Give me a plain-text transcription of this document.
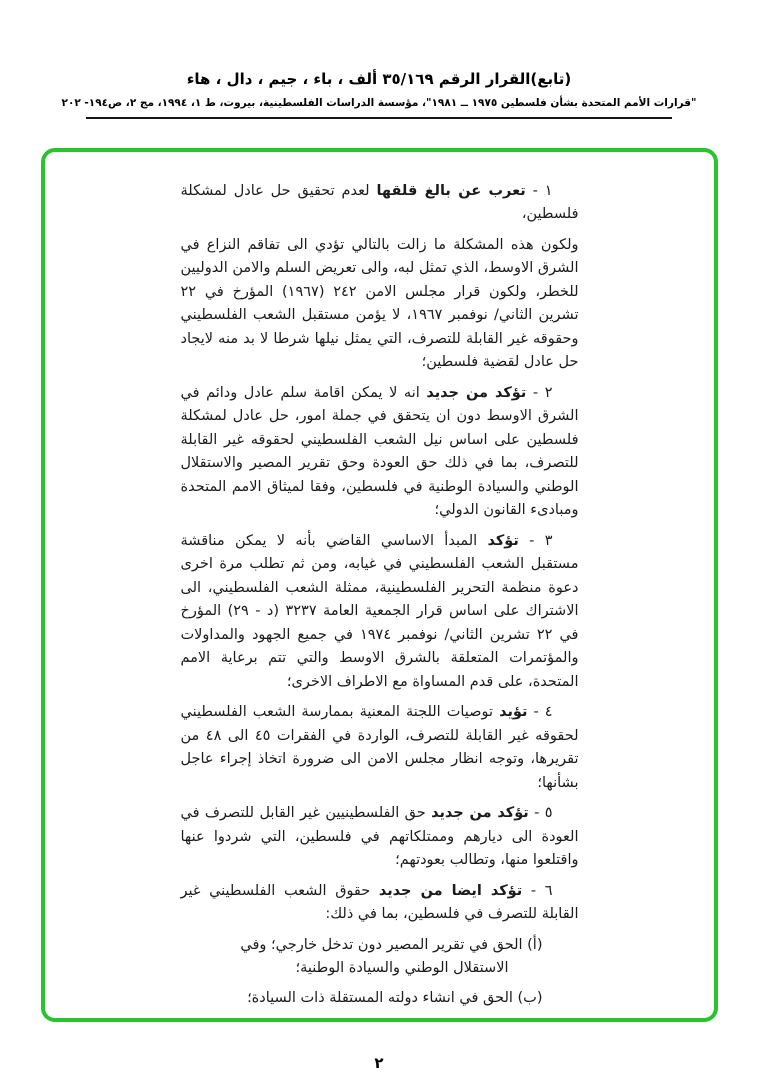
(تابع)القرار الرقم ٣٥/١٦٩ ألف ، باء ، جيم ، دال ، هاء
"قرارات الأمم المتحدة بشأن فلسطين ١٩٧٥ ــ ١٩٨١"، مؤسسة الدراسات الفلسطينية، بيروت، ط ١، ١٩٩٤، مج ٢، ص١٩٤- ٢٠٢

١ - تعرب عن بالغ قلقها لعدم تحقيق حل عادل لمشكلة فلسطين،

ولكون هذه المشكلة ما زالت بالتالي تؤدي الى تفاقم النزاع في الشرق الاوسط، الذي تمثل لبه، والى تعريض السلم والامن الدوليين للخطر، ولكون قرار مجلس الامن ٢٤٢ (١٩٦٧) المؤرخ في ٢٢ تشرين الثاني/ نوفمبر ١٩٦٧، لا يؤمن مستقبل الشعب الفلسطيني وحقوقه غير القابلة للتصرف، التي يمثل نيلها شرطا لا بد منه لايجاد حل عادل لقضية فلسطين؛

٢ - تؤكد من جديد انه لا يمكن اقامة سلم عادل ودائم في الشرق الاوسط دون ان يتحقق في جملة امور، حل عادل لمشكلة فلسطين على اساس نيل الشعب الفلسطيني لحقوقه غير القابلة للتصرف، بما في ذلك حق العودة وحق تقرير المصير والاستقلال الوطني والسيادة الوطنية في فلسطين، وفقا لميثاق الامم المتحدة ومبادىء القانون الدولي؛

٣ - تؤكد المبدأ الاساسي القاضي بأنه لا يمكن مناقشة مستقبل الشعب الفلسطيني في غيابه، ومن ثم تطلب مرة اخرى دعوة منظمة التحرير الفلسطينية، ممثلة الشعب الفلسطيني، الى الاشتراك على اساس قرار الجمعية العامة ٣٢٣٧ (د - ٢٩) المؤرخ في ٢٢ تشرين الثاني/ نوفمبر ١٩٧٤ في جميع الجهود والمداولات والمؤتمرات المتعلقة بالشرق الاوسط والتي تتم برعاية الامم المتحدة، على قدم المساواة مع الاطراف الاخرى؛

٤ - تؤيد توصيات اللجنة المعنية بممارسة الشعب الفلسطيني لحقوقه غير القابلة للتصرف، الواردة في الفقرات ٤٥ الى ٤٨ من تقريرها، وتوجه انظار مجلس الامن الى ضرورة اتخاذ إجراء عاجل بشأنها؛

٥ - تؤكد من جديد حق الفلسطينيين غير القابل للتصرف في العودة الى ديارهم وممتلكاتهم في فلسطين، التي شردوا عنها واقتلعوا منها، وتطالب بعودتهم؛

٦ - تؤكد ايضا من جديد حقوق الشعب الفلسطيني غير القابلة للتصرف في فلسطين، بما في ذلك:

(أ) الحق في تقرير المصير دون تدخل خارجي؛ وفي الاستقلال الوطني والسيادة الوطنية؛

(ب) الحق في انشاء دولته المستقلة ذات السيادة؛

٢
